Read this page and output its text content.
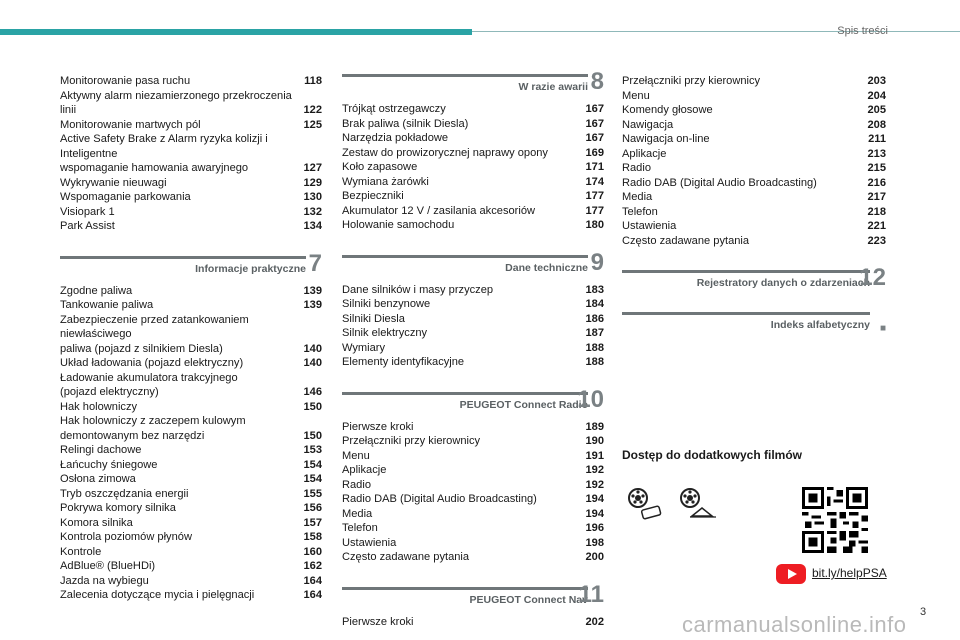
Spis treści
Monitorowanie pasa ruchu	118
Aktywny alarm niezamierzonego przekroczenia linii	122
Monitorowanie martwych pól	125
Active Safety Brake z Alarm ryzyka kolizji i Inteligentne
wspomaganie hamowania awaryjnego	127
Wykrywanie nieuwagi	129
Wspomaganie parkowania	130
Visiopark 1	132
Park Assist	134
Informacje praktyczne 7
Zgodne paliwa	139
Tankowanie paliwa	139
Zabezpieczenie przed zatankowaniem niewłaściwego
paliwa (pojazd z silnikiem Diesla)	140
Układ ładowania (pojazd elektryczny)	140
Ładowanie akumulatora trakcyjnego
(pojazd elektryczny)	146
Hak holowniczy	150
Hak holowniczy z zaczepem kulowym
demontowanym bez narzędzi	150
Relingi dachowe	153
Łańcuchy śniegowe	154
Osłona zimowa	154
Tryb oszczędzania energii	155
Pokrywa komory silnika	156
Komora silnika	157
Kontrola poziomów płynów	158
Kontrole	160
AdBlue® (BlueHDi)	162
Jazda na wybiegu	164
Zalecenia dotyczące mycia i pielęgnacji	164
W razie awarii 8
Trójkąt ostrzegawczy	167
Brak paliwa (silnik Diesla)	167
Narzędzia pokładowe	167
Zestaw do prowizorycznej naprawy opony	169
Koło zapasowe	171
Wymiana żarówki	174
Bezpieczniki	177
Akumulator 12 V / zasilania akcesoriów	177
Holowanie samochodu	180
Dane techniczne 9
Dane silników i masy przyczep	183
Silniki benzynowe	184
Silniki Diesla	186
Silnik elektryczny	187
Wymiary	188
Elementy identyfikacyjne	188
PEUGEOT Connect Radio
10
Pierwsze kroki	189
Przełączniki przy kierownicy	190
Menu	191
Aplikacje	192
Radio	192
Radio DAB (Digital Audio Broadcasting)	194
Media	194
Telefon	196
Ustawienia	198
Często zadawane pytania	200
PEUGEOT Connect Nav
11
Pierwsze kroki	202
Przełączniki przy kierownicy	203
Menu	204
Komendy głosowe	205
Nawigacja	208
Nawigacja on-line	211
Aplikacje	213
Radio	215
Radio DAB (Digital Audio Broadcasting)	216
Media	217
Telefon	218
Ustawienia	221
Często zadawane pytania	223
Rejestratory danych o zdarzeniach
12
Indeks alfabetyczny ■
Dostęp do dodatkowych filmów
bit.ly/helpPSA
3
carmanualsonline.info
